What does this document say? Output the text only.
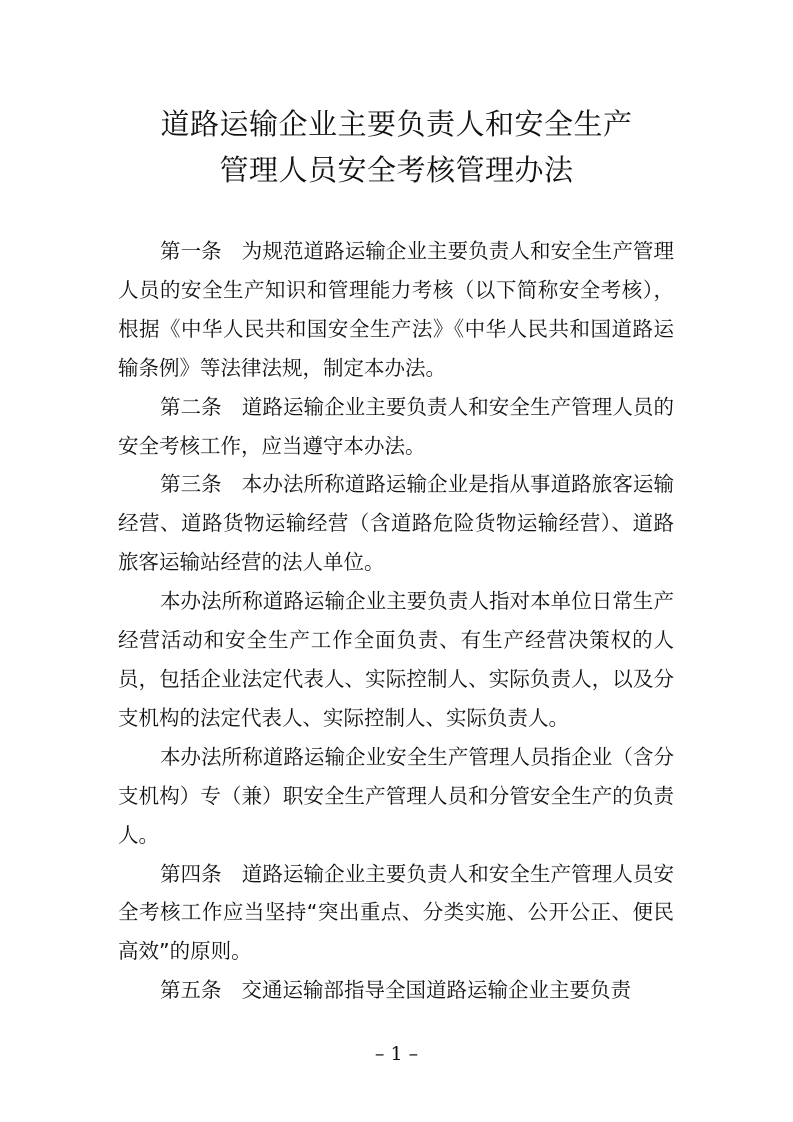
道路运输企业主要负责人和安全生产
管理人员安全考核管理办法

第一条 为规范道路运输企业主要负责人和安全生产管理人员的安全生产知识和管理能力考核（以下简称安全考核），根据《中华人民共和国安全生产法》《中华人民共和国道路运输条例》等法律法规，制定本办法。

第二条 道路运输企业主要负责人和安全生产管理人员的安全考核工作，应当遵守本办法。

第三条 本办法所称道路运输企业是指从事道路旅客运输经营、道路货物运输经营（含道路危险货物运输经营）、道路旅客运输站经营的法人单位。

本办法所称道路运输企业主要负责人指对本单位日常生产经营活动和安全生产工作全面负责、有生产经营决策权的人员，包括企业法定代表人、实际控制人、实际负责人，以及分支机构的法定代表人、实际控制人、实际负责人。

本办法所称道路运输企业安全生产管理人员指企业（含分支机构）专（兼）职安全生产管理人员和分管安全生产的负责人。

第四条 道路运输企业主要负责人和安全生产管理人员安全考核工作应当坚持“突出重点、分类实施、公开公正、便民高效”的原则。

第五条 交通运输部指导全国道路运输企业主要负责

– 1 –
